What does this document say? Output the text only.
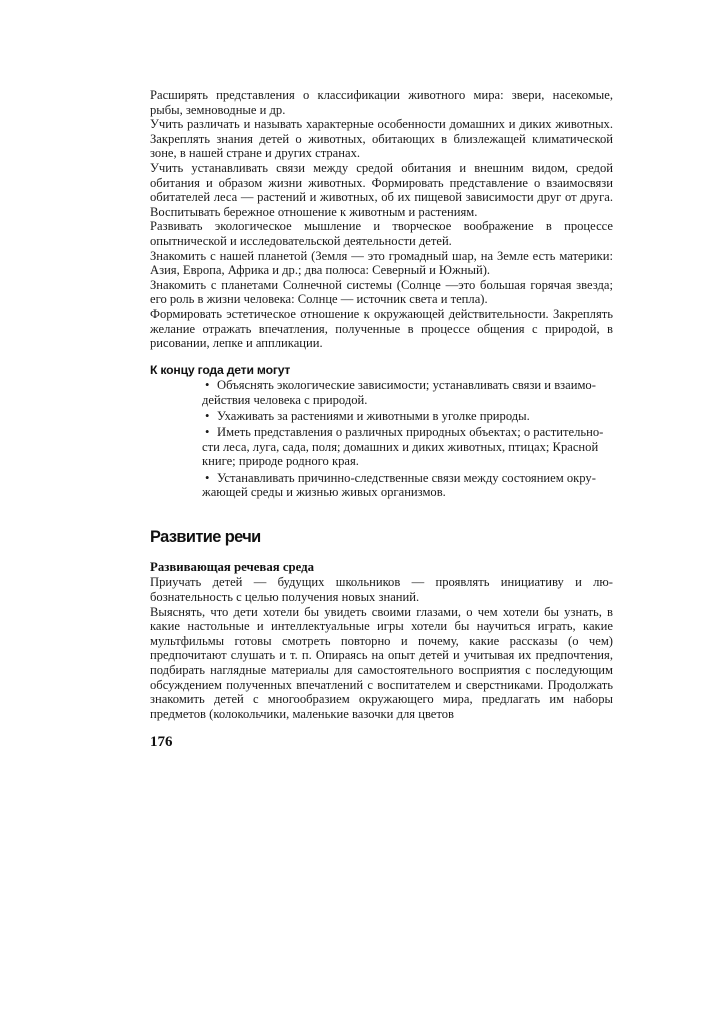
Расширять представления о классификации животного мира: звери, насекомые, рыбы, земноводные и др.

Учить различать и называть характерные особенности домашних и диких животных. Закреплять знания детей о животных, обитающих в близлежащей климатической зоне, в нашей стране и других странах.

Учить устанавливать связи между средой обитания и внешним видом, средой обитания и образом жизни животных. Формировать представление о взаимосвязи обитателей леса — растений и животных, об их пищевой зависимости друг от друга. Воспитывать бережное отношение к животным и растениям.

Развивать экологическое мышление и творческое воображение в процессе опытнической и исследовательской деятельности детей.

Знакомить с нашей планетой (Земля — это громадный шар, на Земле есть материки: Азия, Европа, Африка и др.; два полюса: Северный и Южный).

Знакомить с планетами Солнечной системы (Солнце —это большая горячая звезда; его роль в жизни человека: Солнце — источник света и тепла).

Формировать эстетическое отношение к окружающей действительности. Закреплять желание отражать впечатления, полученные в процессе общения с природой, в рисовании, лепке и аппликации.

К концу года дети могут
• Объяснять экологические зависимости; устанавливать связи и взаимо-действия человека с природой.
• Ухаживать за растениями и животными в уголке природы.
• Иметь представления о различных природных объектах; о растительно-сти леса, луга, сада, поля; домашних и диких животных, птицах; Красной книге; природе родного края.
• Устанавливать причинно-следственные связи между состоянием окру-жающей среды и жизнью живых организмов.
Развитие речи
Развивающая речевая среда

Приучать детей — будущих школьников — проявлять инициативу и лю-бознательность с целью получения новых знаний.

Выяснять, что дети хотели бы увидеть своими глазами, о чем хотели бы узнать, в какие настольные и интеллектуальные игры хотели бы научиться играть, какие мультфильмы готовы смотреть повторно и почему, какие рассказы (о чем) предпочитают слушать и т. п. Опираясь на опыт детей и учитывая их предпочтения, подбирать наглядные материалы для самостоятельного восприятия с последующим обсуждением полученных впечатлений с воспитателем и сверстниками. Продолжать знакомить детей с многообразием окружающего мира, предлагать им наборы предметов (колокольчики, маленькие вазочки для цветов

176
